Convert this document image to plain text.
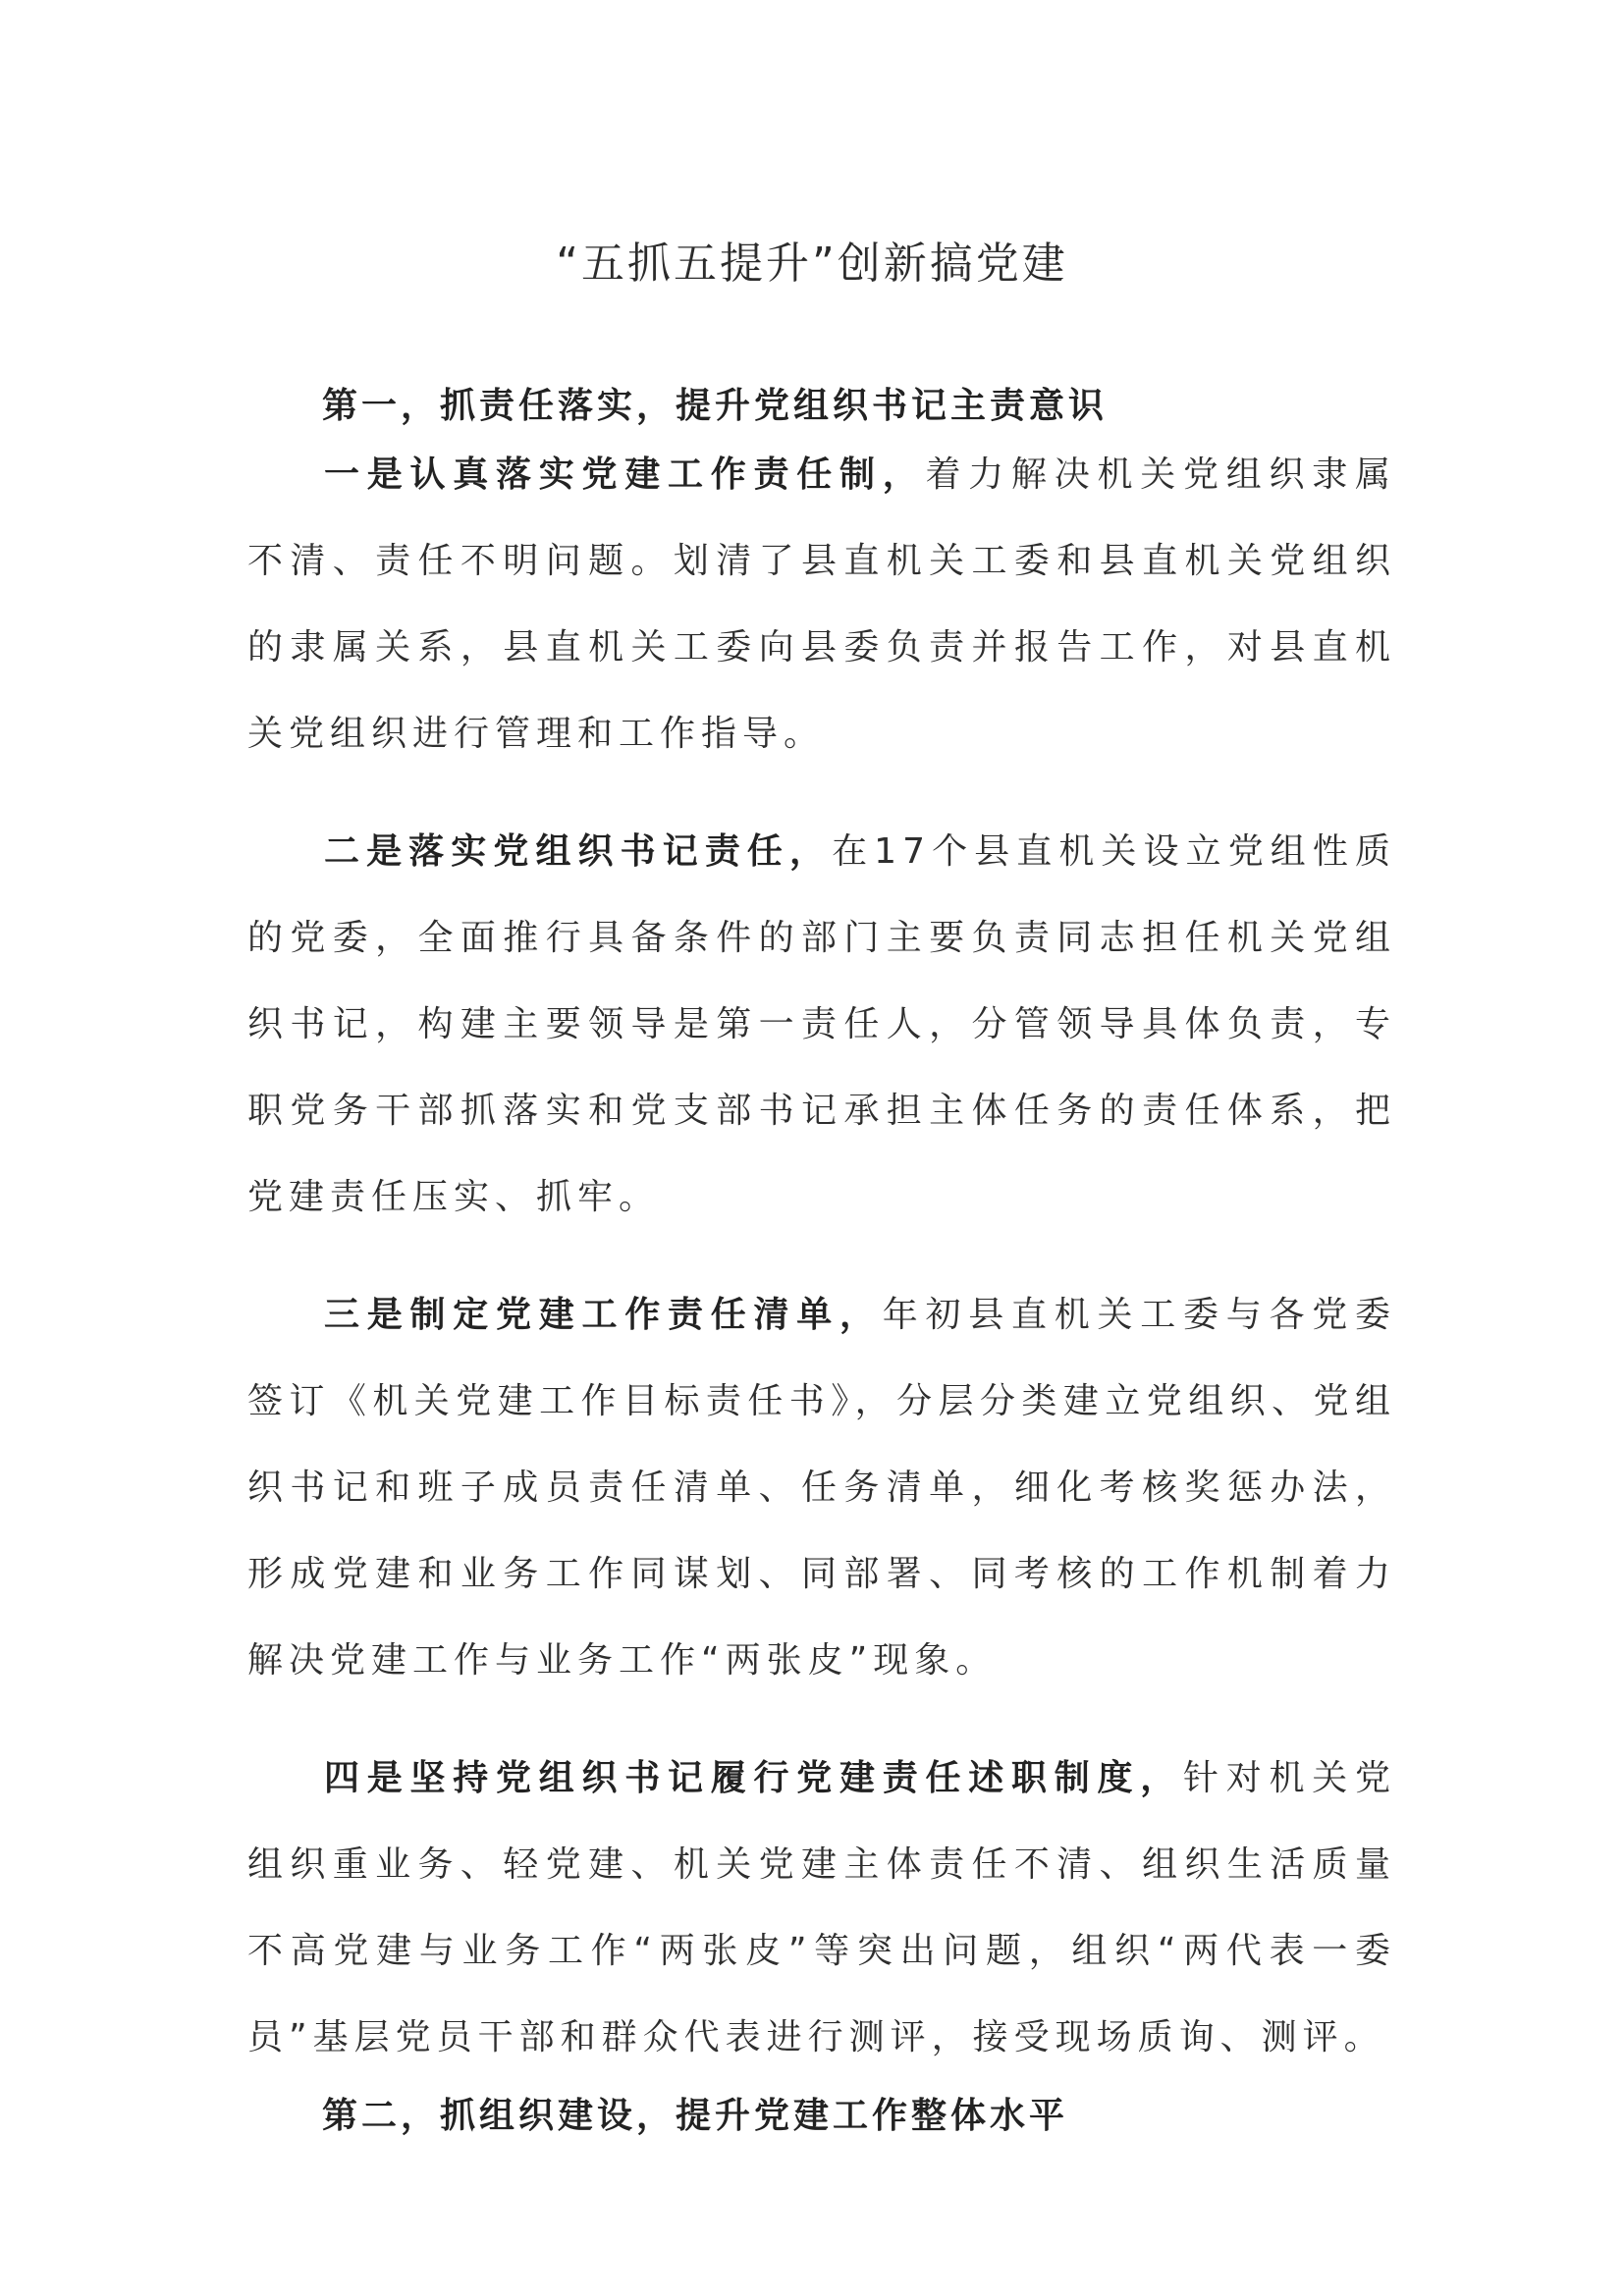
“五抓五提升”创新搞党建

第一，抓责任落实，提升党组织书记主责意识

一是认真落实党建工作责任制，着力解决机关党组织隶属不清、责任不明问题。划清了县直机关工委和县直机关党组织的隶属关系，县直机关工委向县委负责并报告工作，对县直机关党组织进行管理和工作指导。

二是落实党组织书记责任，在17个县直机关设立党组性质的党委，全面推行具备条件的部门主要负责同志担任机关党组织书记，构建主要领导是第一责任人，分管领导具体负责，专职党务干部抓落实和党支部书记承担主体任务的责任体系，把党建责任压实、抓牢。

三是制定党建工作责任清单，年初县直机关工委与各党委签订《机关党建工作目标责任书》，分层分类建立党组织、党组织书记和班子成员责任清单、任务清单，细化考核奖惩办法，形成党建和业务工作同谋划、同部署、同考核的工作机制着力解决党建工作与业务工作“两张皮”现象。

四是坚持党组织书记履行党建责任述职制度，针对机关党组织重业务、轻党建、机关党建主体责任不清、组织生活质量不高党建与业务工作“两张皮”等突出问题，组织“两代表一委员”基层党员干部和群众代表进行测评，接受现场质询、测评。

第二，抓组织建设，提升党建工作整体水平
